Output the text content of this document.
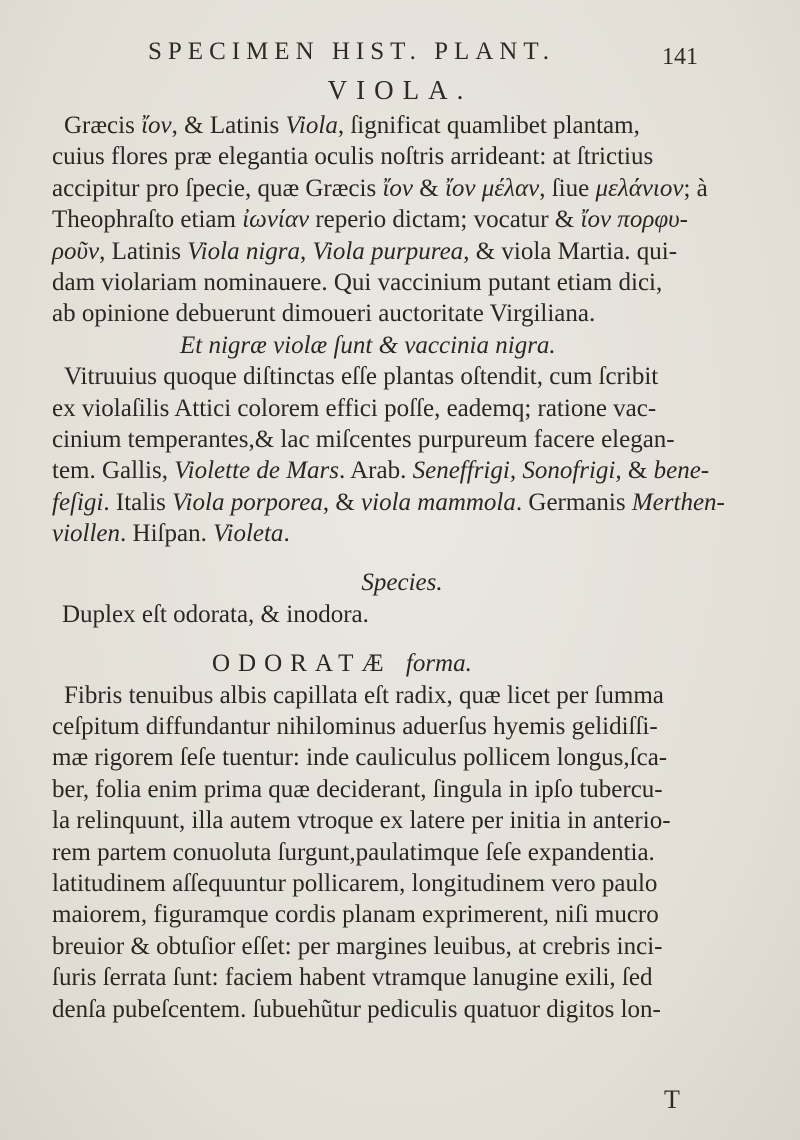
SPECIMEN HIST. PLANT.	141
VIOLA.
Græcis ἴον, & Latinis Viola, ſignificat quamlibet plantam,
cuius flores præ elegantia oculis noſtris arrideant: at ſtrictius
accipitur pro ſpecie, quæ Græcis ἴον & ἴον μέλαν, ſiue μελάνιον; à
Theophraſto etiam ἰωνίαν reperio dictam; vocatur & ἴον πορφυ-
ροῦν, Latinis Viola nigra, Viola purpurea, & viola Martia. qui-
dam violariam nominauere. Qui vaccinium putant etiam dici,
ab opinione debuerunt dimoueri auctoritate Virgiliana.
Et nigræ violæ ſunt & vaccinia nigra.
Vitruuius quoque diſtinctas eſſe plantas oſtendit, cum ſcribit
ex violaſilis Attici colorem effici poſſe, eademq; ratione vac-
cinium temperantes,& lac miſcentes purpureum facere elegan-
tem. Gallis, Violette de Mars. Arab. Seneffrigi, Sonofrigi, & bene-
feſigi. Italis Viola porporea, & viola mammola. Germanis Merthen-
viollen. Hiſpan. Violeta.
Species.
Duplex eſt odorata, & inodora.
ODORATÆ forma.
Fibris tenuibus albis capillata eſt radix, quæ licet per ſumma
ceſpitum diffundantur nihilominus aduerſus hyemis gelidiſſi-
mæ rigorem ſeſe tuentur: inde cauliculus pollicem longus,ſca-
ber, folia enim prima quæ deciderant, ſingula in ipſo tubercu-
la relinquunt, illa autem vtroque ex latere per initia in anterio-
rem partem conuoluta ſurgunt,paulatimque ſeſe expandentia.
latitudinem aſſequuntur pollicarem, longitudinem vero paulo
maiorem, figuramque cordis planam exprimerent, niſi mucro
breuior & obtuſior eſſet: per margines leuibus, at crebris inci-
ſuris ſerrata ſunt: faciem habent vtramque lanugine exili, ſed
denſa pubeſcentem. ſubuehũtur pediculis quatuor digitos lon-
T
